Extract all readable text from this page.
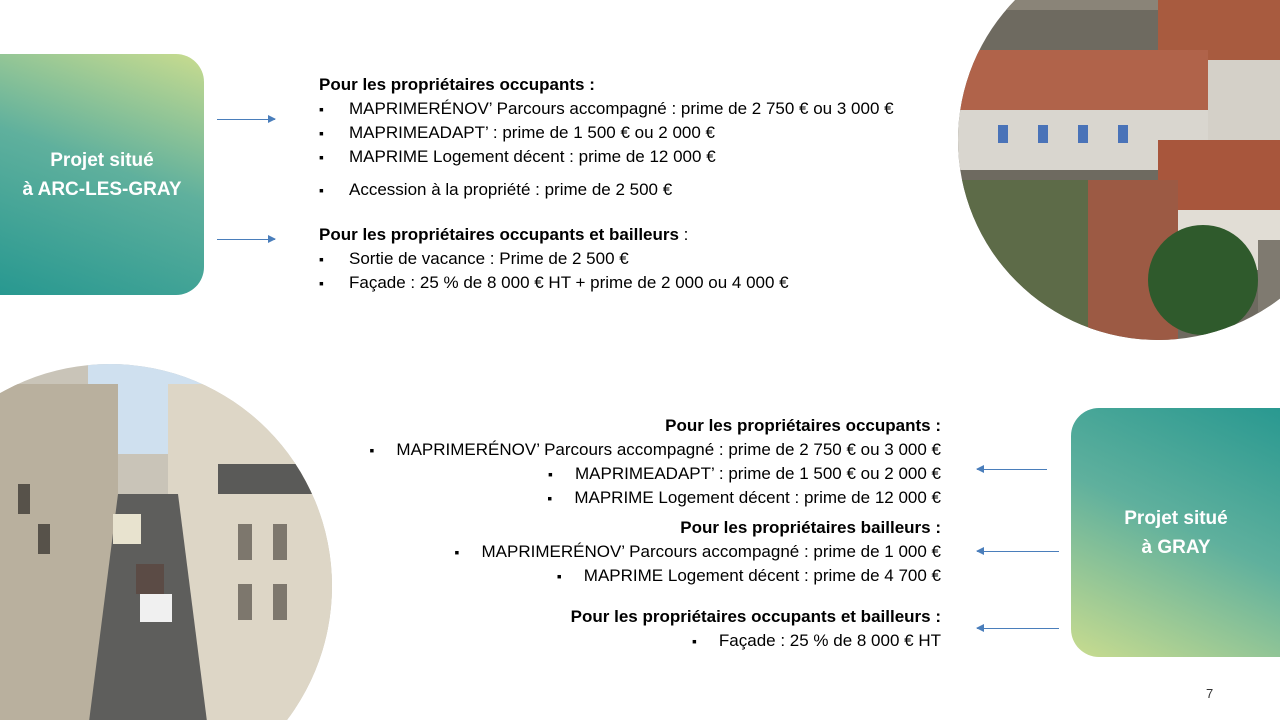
Projet situé
à ARC-LES-GRAY
Pour les propriétaires occupants :
▪ MAPRIMERÉNOV’ Parcours accompagné : prime de 2 750 € ou 3 000 €
▪ MAPRIMEADAPT’ : prime de 1 500 € ou 2 000 €
▪ MAPRIME Logement décent : prime de 12 000 €
▪ Accession à la propriété : prime de 2 500 €
Pour les propriétaires occupants et bailleurs :
▪ Sortie de vacance : Prime de 2 500 €
▪ Façade : 25 % de 8 000 € HT + prime de 2 000 ou 4 000 €
Pour les propriétaires occupants :
▪ MAPRIMERÉNOV’ Parcours accompagné : prime de 2 750 € ou 3 000 €
▪ MAPRIMEADAPT’ : prime de 1 500 € ou 2 000 €
▪ MAPRIME Logement décent : prime de 12 000 €
Pour les propriétaires bailleurs :
▪ MAPRIMERÉNOV’ Parcours accompagné : prime de 1 000 €
▪ MAPRIME Logement décent : prime de 4 700 €
Pour les propriétaires occupants et bailleurs :
▪ Façade : 25 % de 8 000 € HT
Projet situé
à GRAY
7
